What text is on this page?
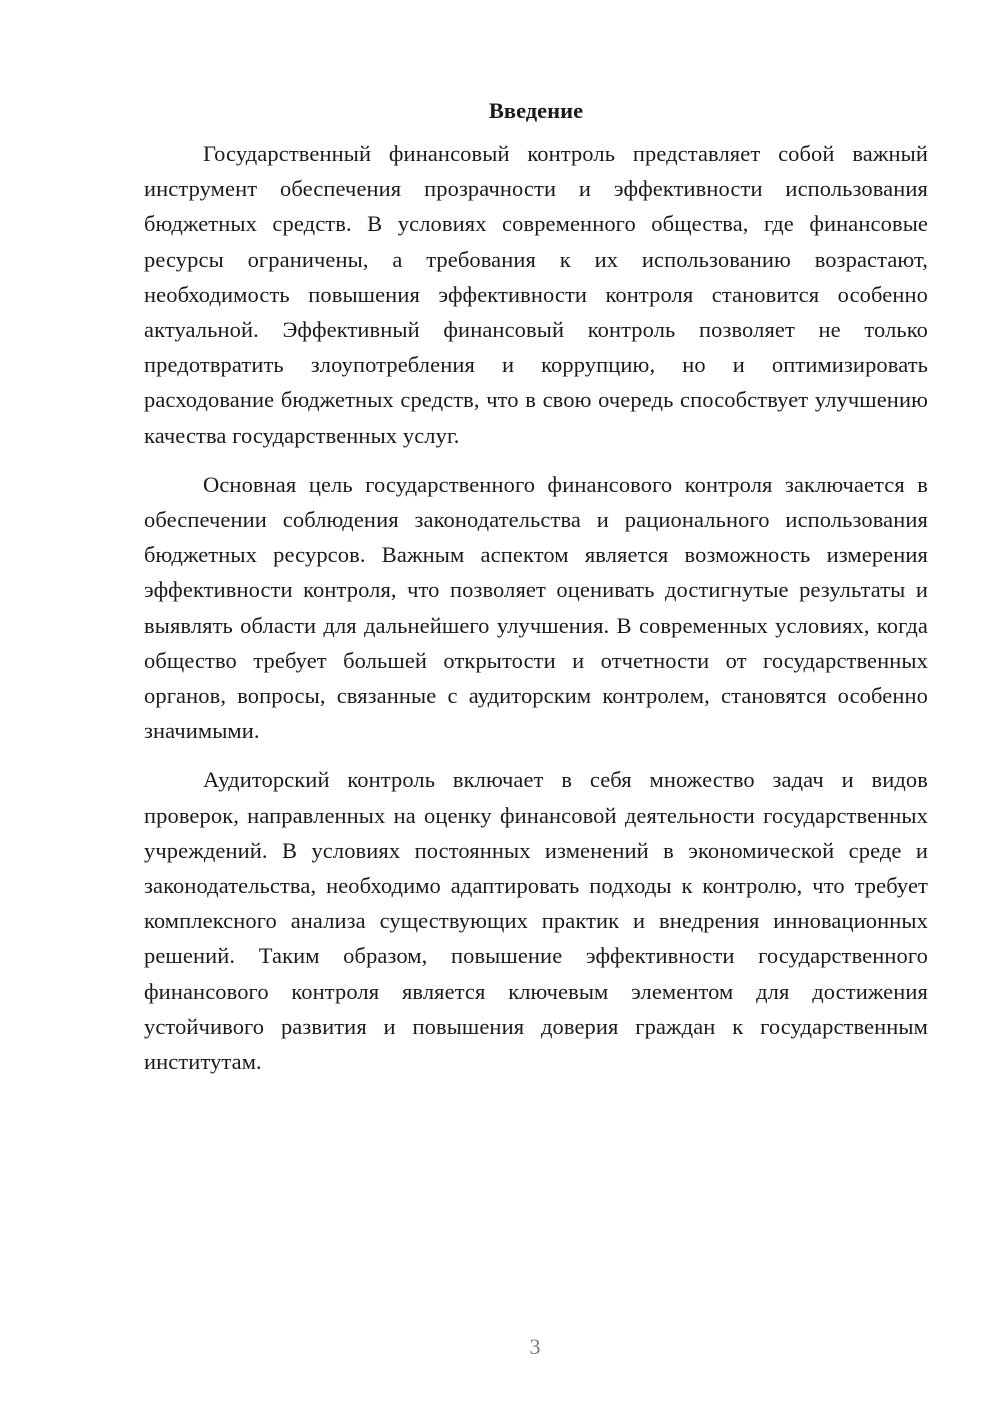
Введение

Государственный финансовый контроль представляет собой важный инструмент обеспечения прозрачности и эффективности использования бюджетных средств. В условиях современного общества, где финансовые ресурсы ограничены, а требования к их использованию возрастают, необходимость повышения эффективности контроля становится особенно актуальной. Эффективный финансовый контроль позволяет не только предотвратить злоупотребления и коррупцию, но и оптимизировать расходование бюджетных средств, что в свою очередь способствует улучшению качества государственных услуг.

Основная цель государственного финансового контроля заключается в обеспечении соблюдения законодательства и рационального использования бюджетных ресурсов. Важным аспектом является возможность измерения эффективности контроля, что позволяет оценивать достигнутые результаты и выявлять области для дальнейшего улучшения. В современных условиях, когда общество требует большей открытости и отчетности от государственных органов, вопросы, связанные с аудиторским контролем, становятся особенно значимыми.

Аудиторский контроль включает в себя множество задач и видов проверок, направленных на оценку финансовой деятельности государственных учреждений. В условиях постоянных изменений в экономической среде и законодательства, необходимо адаптировать подходы к контролю, что требует комплексного анализа существующих практик и внедрения инновационных решений. Таким образом, повышение эффективности государственного финансового контроля является ключевым элементом для достижения устойчивого развития и повышения доверия граждан к государственным институтам.

3
